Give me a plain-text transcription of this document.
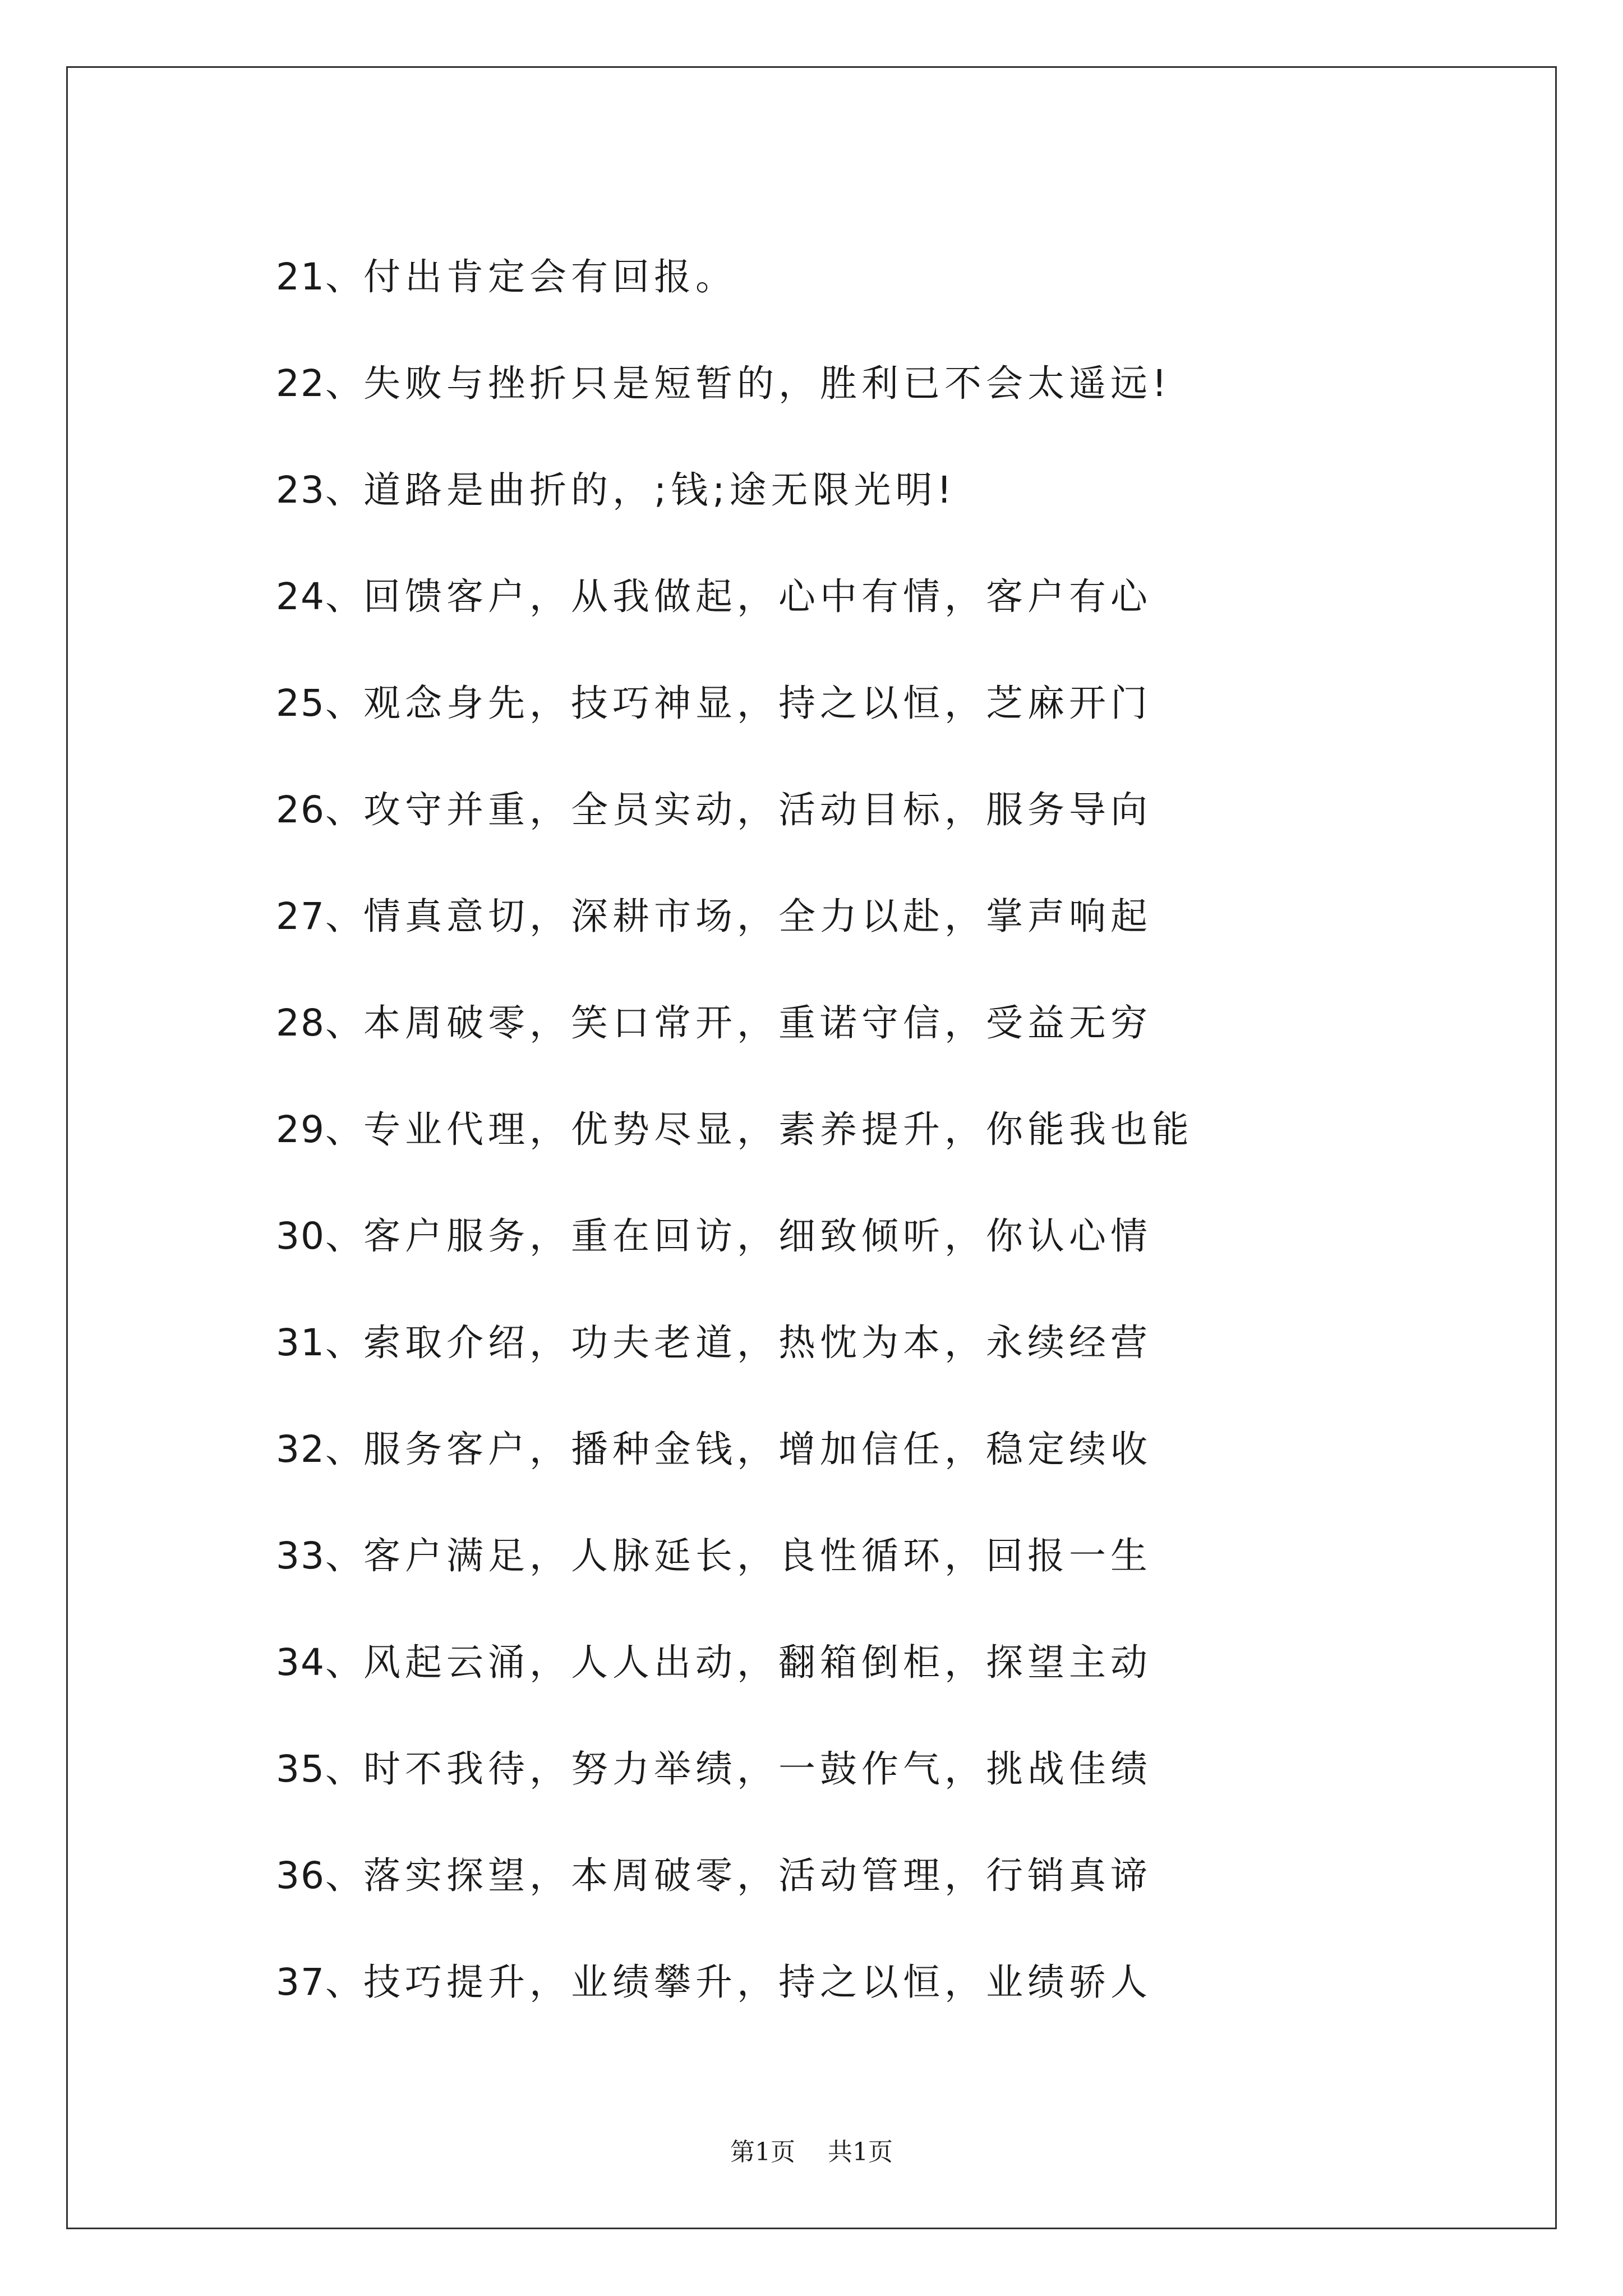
21、 付出肯定会有回报。
22、 失败与挫折只是短暂的，胜利已不会太遥远!
23、 道路是曲折的，;钱;途无限光明!
24、 回馈客户，从我做起，心中有情，客户有心
25、 观念身先，技巧神显，持之以恒，芝麻开门
26、 攻守并重，全员实动，活动目标，服务导向
27、 情真意切，深耕市场，全力以赴，掌声响起
28、 本周破零，笑口常开，重诺守信，受益无穷
29、 专业代理，优势尽显，素养提升，你能我也能
30、 客户服务，重在回访，细致倾听，你认心情
31、 索取介绍，功夫老道，热忱为本，永续经营
32、 服务客户，播种金钱，增加信任，稳定续收
33、 客户满足，人脉延长，良性循环，回报一生
34、 风起云涌，人人出动，翻箱倒柜，探望主动
35、 时不我待，努力举绩，一鼓作气，挑战佳绩
36、 落实探望，本周破零，活动管理，行销真谛
37、 技巧提升，业绩攀升，持之以恒，业绩骄人
第1页 共1页
